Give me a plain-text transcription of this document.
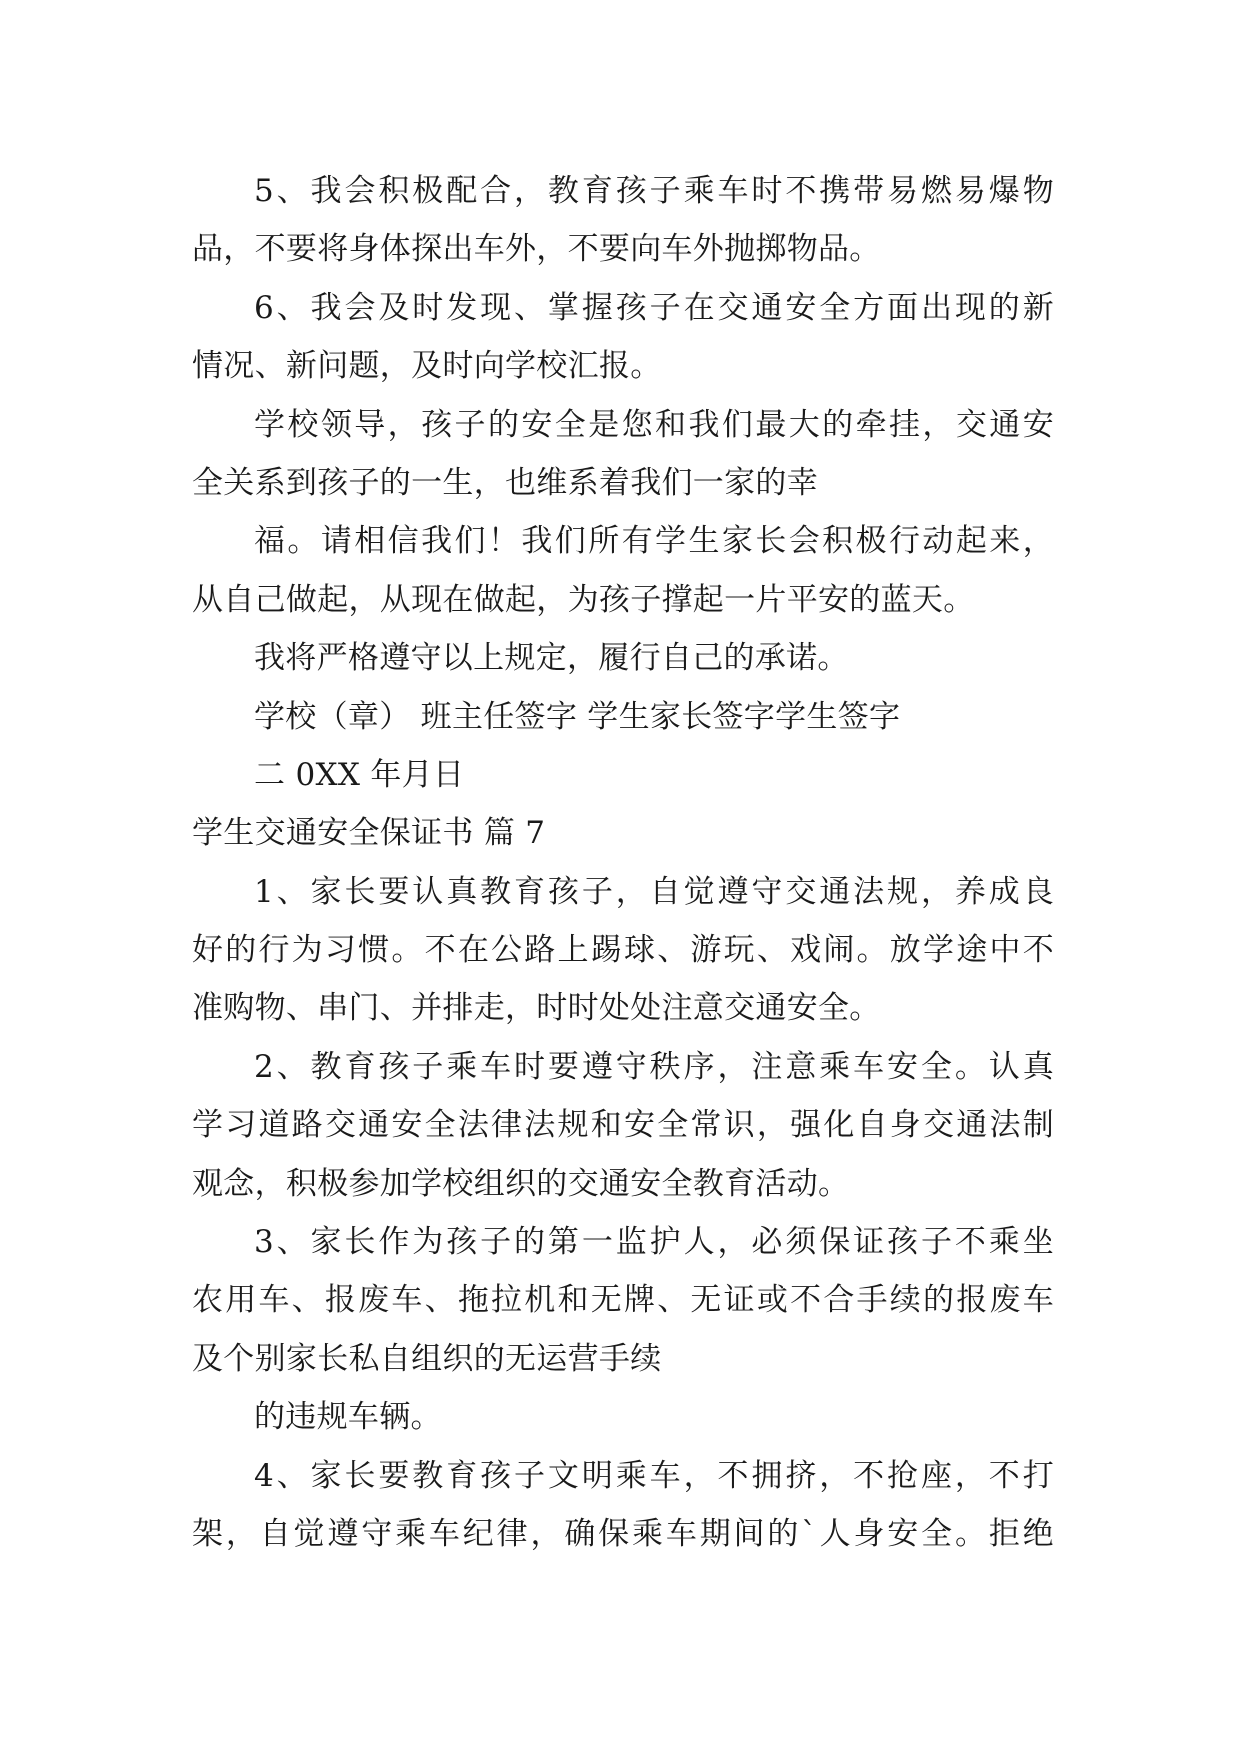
5、我会积极配合，教育孩子乘车时不携带易燃易爆物
品，不要将身体探出车外，不要向车外抛掷物品。
6、我会及时发现、掌握孩子在交通安全方面出现的新
情况、新问题，及时向学校汇报。
学校领导，孩子的安全是您和我们最大的牵挂，交通安
全关系到孩子的一生，也维系着我们一家的幸
福。请相信我们！我们所有学生家长会积极行动起来，
从自己做起，从现在做起，为孩子撑起一片平安的蓝天。
我将严格遵守以上规定，履行自己的承诺。
学校（章） 班主任签字 学生家长签字学生签字
二 0XX 年月日
学生交通安全保证书 篇 7
1、家长要认真教育孩子，自觉遵守交通法规，养成良
好的行为习惯。不在公路上踢球、游玩、戏闹。放学途中不
准购物、串门、并排走，时时处处注意交通安全。
2、教育孩子乘车时要遵守秩序，注意乘车安全。认真
学习道路交通安全法律法规和安全常识，强化自身交通法制
观念，积极参加学校组织的交通安全教育活动。
3、家长作为孩子的第一监护人，必须保证孩子不乘坐
农用车、报废车、拖拉机和无牌、无证或不合手续的报废车
及个别家长私自组织的无运营手续
的违规车辆。
4、家长要教育孩子文明乘车，不拥挤，不抢座，不打
架，自觉遵守乘车纪律，确保乘车期间的`人身安全。拒绝
